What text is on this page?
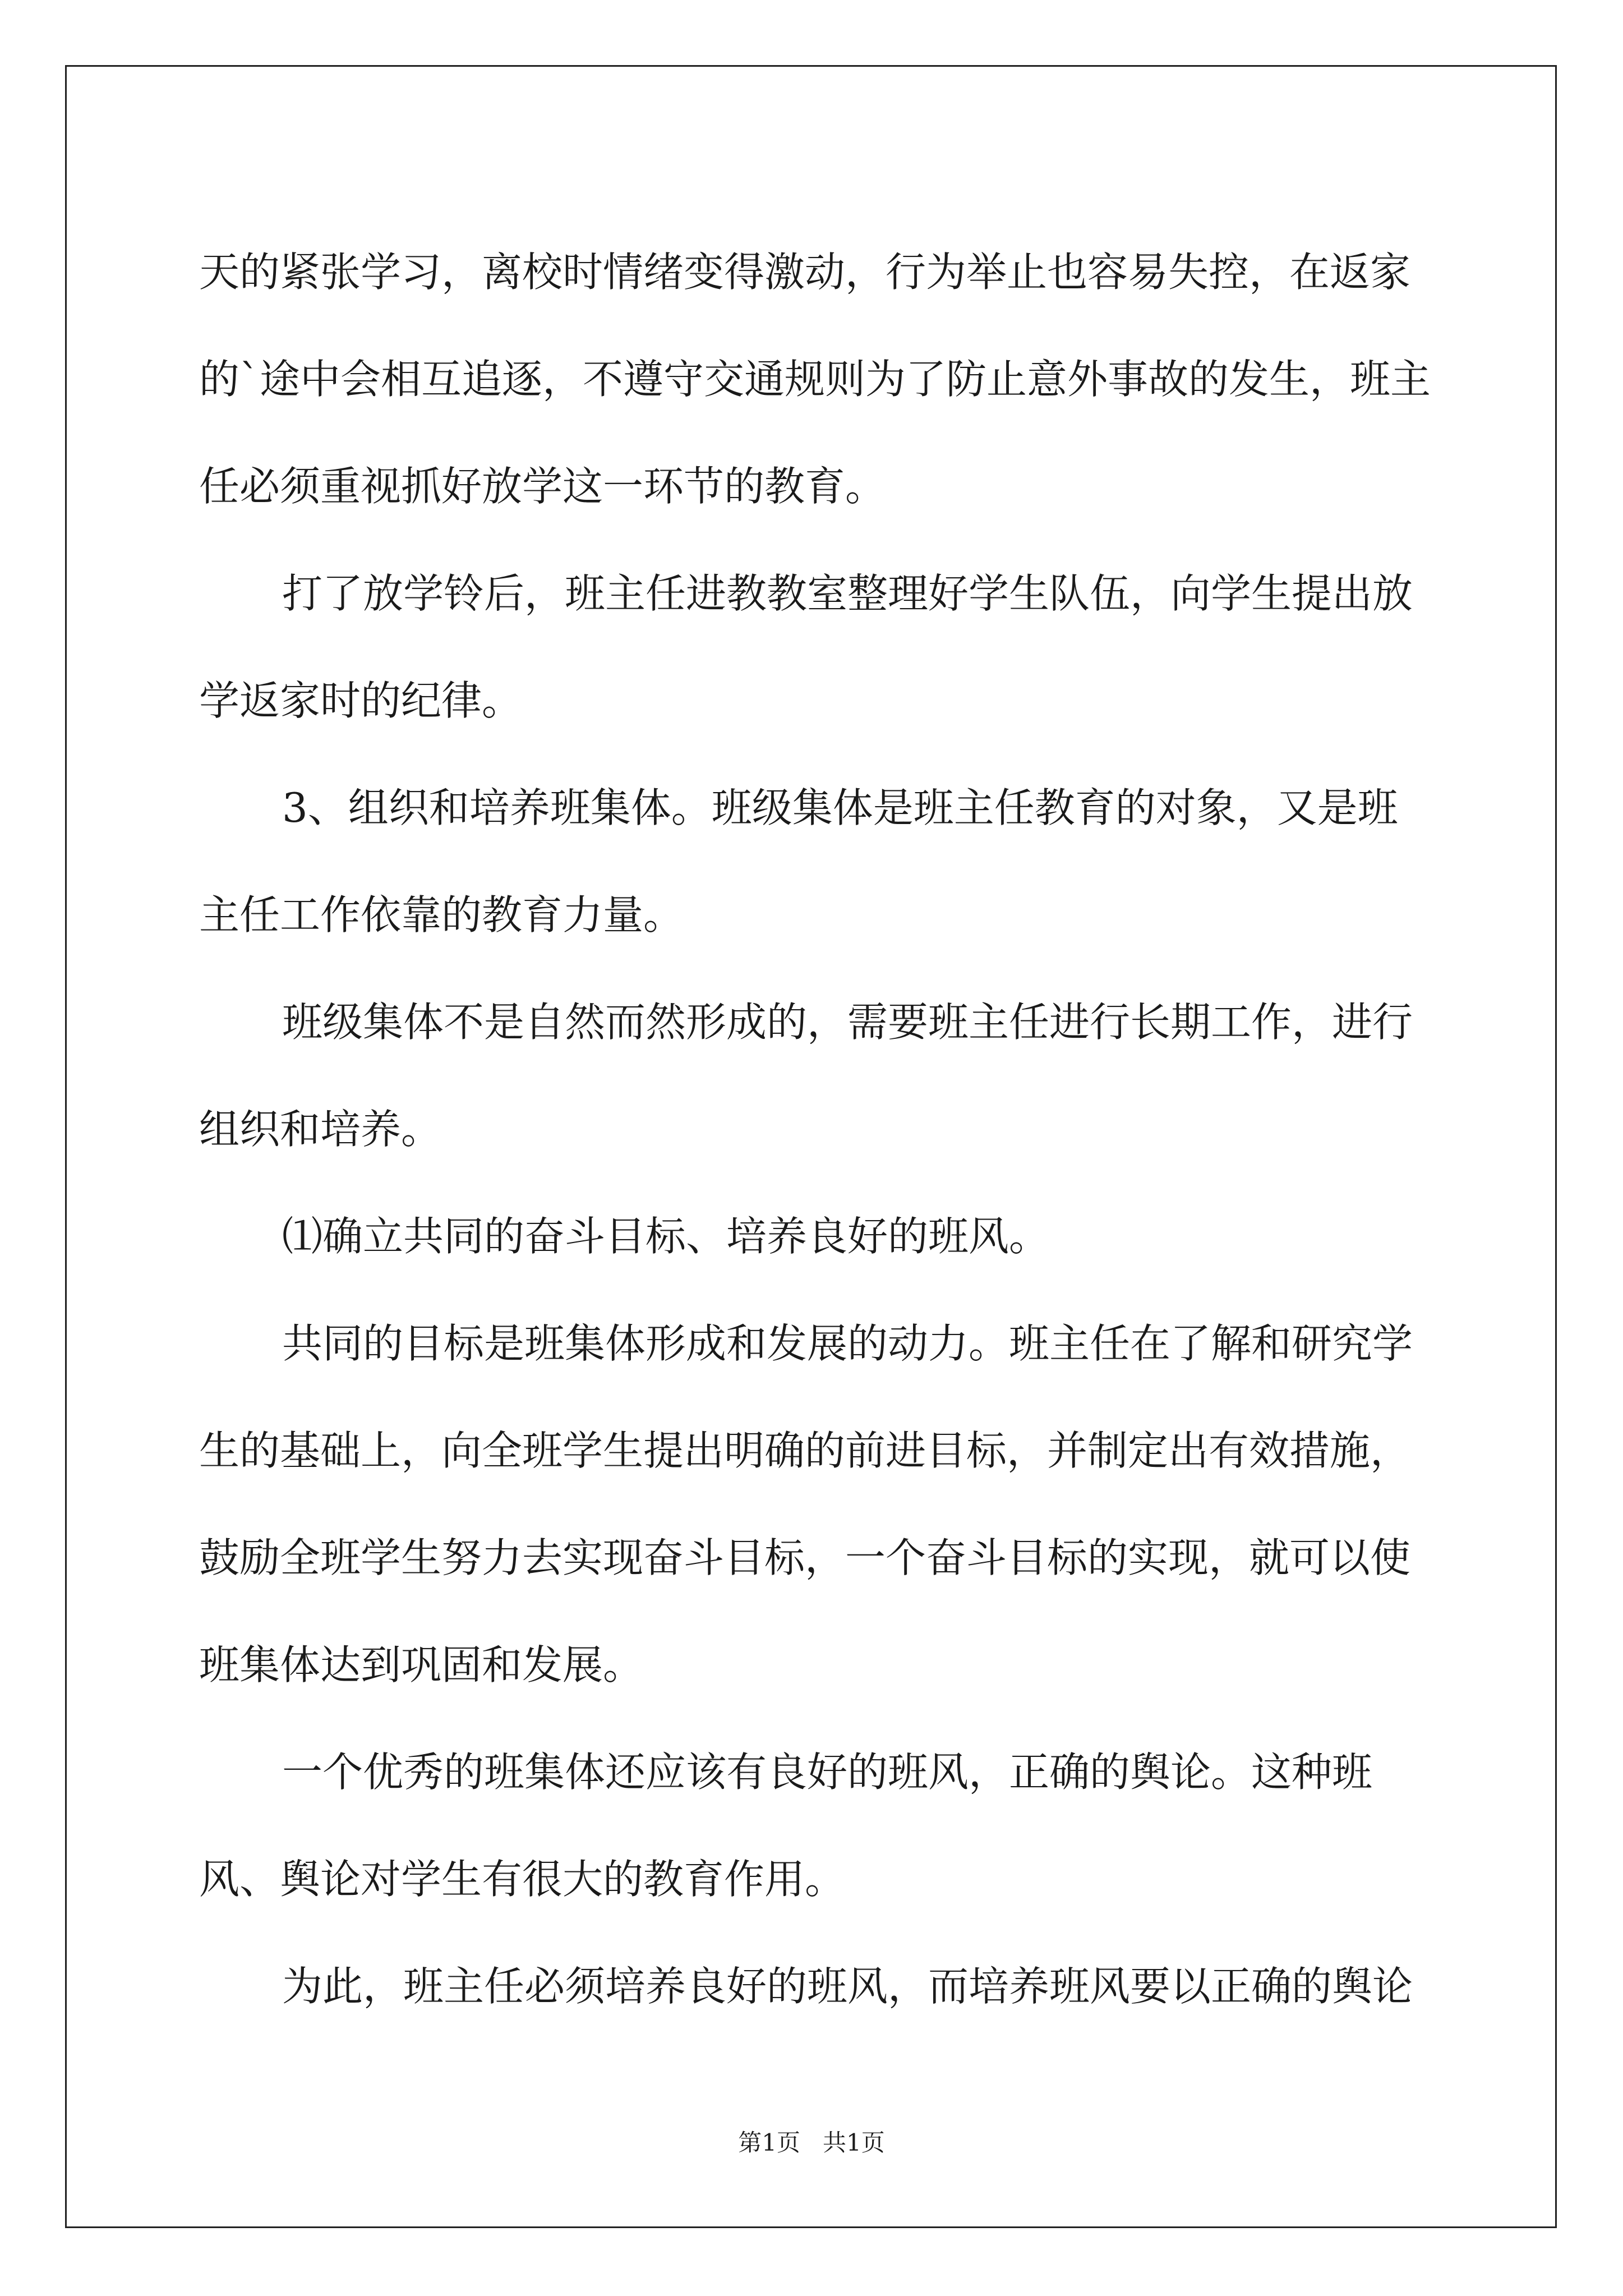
天的紧张学习，离校时情绪变得激动，行为举止也容易失控，在返家的`途中会相互追逐，不遵守交通规则为了防止意外事故的发生，班主任必须重视抓好放学这一环节的教育。

打了放学铃后，班主任进教教室整理好学生队伍，向学生提出放学返家时的纪律。

3、组织和培养班集体。班级集体是班主任教育的对象，又是班主任工作依靠的教育力量。

班级集体不是自然而然形成的，需要班主任进行长期工作，进行组织和培养。

⑴确立共同的奋斗目标、培养良好的班风。

共同的目标是班集体形成和发展的动力。班主任在了解和研究学生的基础上，向全班学生提出明确的前进目标，并制定出有效措施，鼓励全班学生努力去实现奋斗目标，一个奋斗目标的实现，就可以使班集体达到巩固和发展。

一个优秀的班集体还应该有良好的班风，正确的舆论。这种班风、舆论对学生有很大的教育作用。

为此，班主任必须培养良好的班风，而培养班风要以正确的舆论

第1页   共1页
